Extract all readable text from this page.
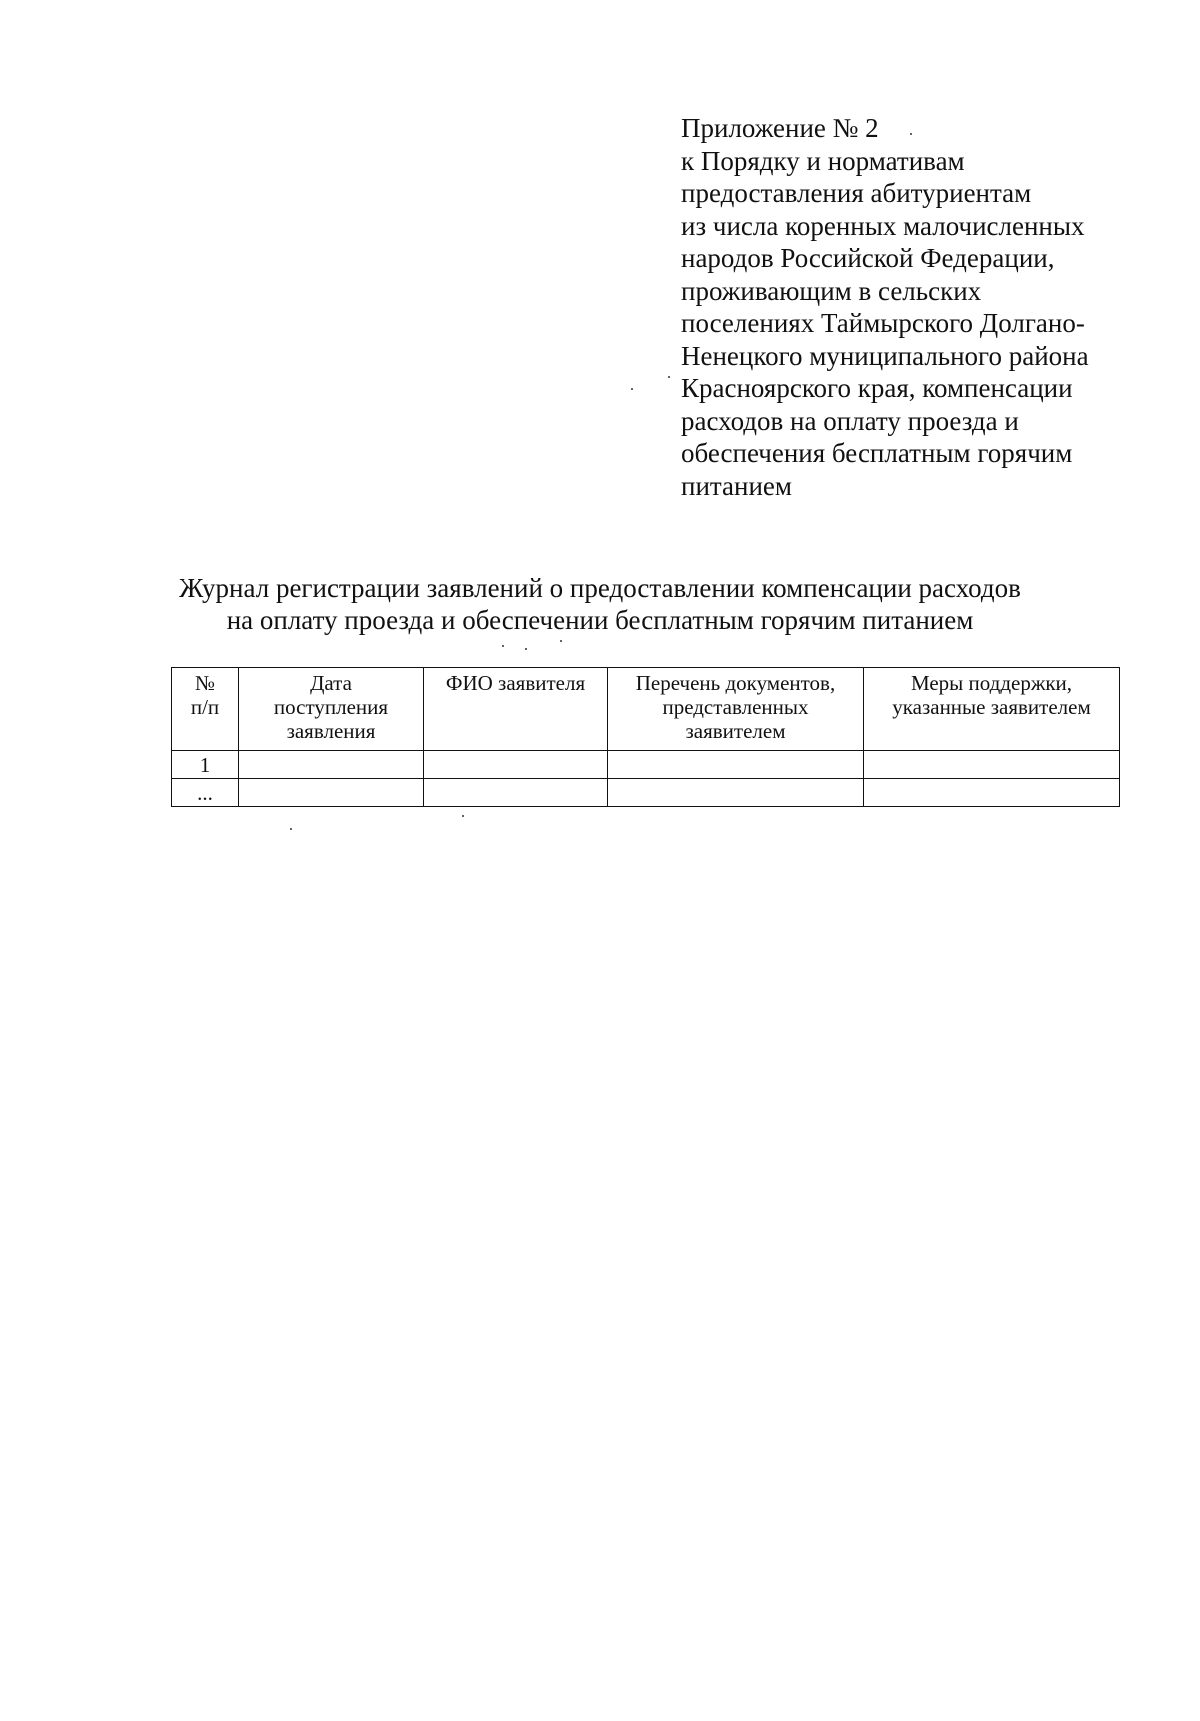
Приложение № 2
к Порядку и нормативам
предоставления абитуриентам
из числа коренных малочисленных
народов Российской Федерации,
проживающим в сельских
поселениях Таймырского Долгано-
Ненецкого муниципального района
Красноярского края, компенсации
расходов на оплату проезда и
обеспечения бесплатным горячим
питанием
Журнал регистрации заявлений о предоставлении компенсации расходов
на оплату проезда и обеспечении бесплатным горячим питанием
№
п/п	Дата
поступления
заявления	ФИО заявителя	Перечень документов,
представленных
заявителем	Меры поддержки,
указанные заявителем

1				
...				
